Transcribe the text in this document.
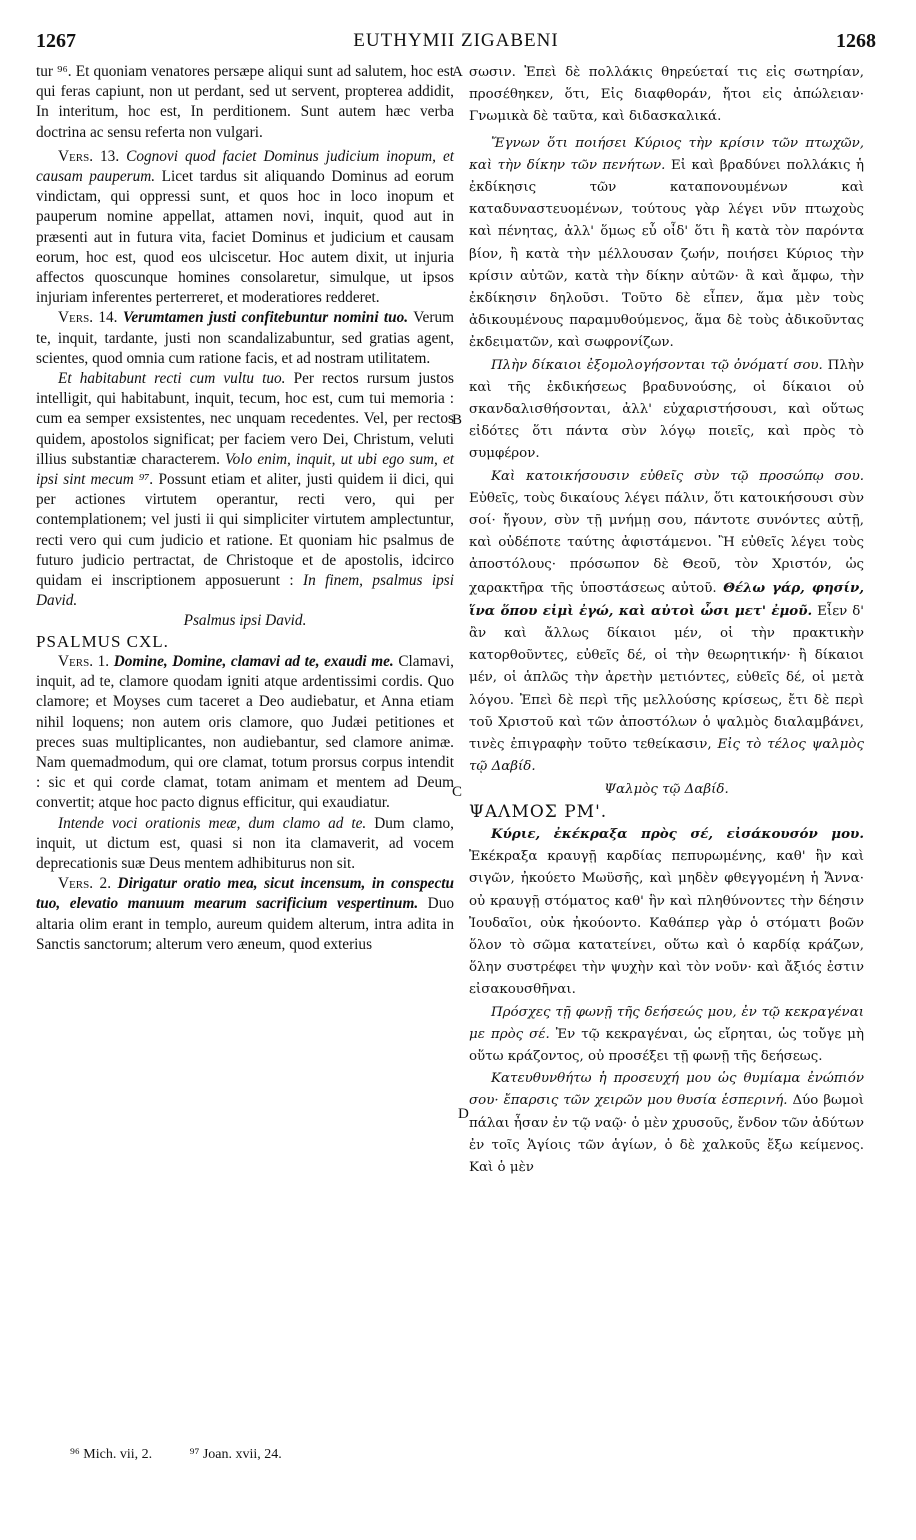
1267	EUTHYMII ZIGABENI	1268

tur ⁹⁶. Et quoniam venatores persæpe aliqui sunt ad salutem, hoc est qui feras capiunt, non ut perdant, sed ut servent, propterea addidit, In interitum, hoc est, In perditionem. Sunt autem hæc verba doctrina ac sensu referta non vulgari.

Vers. 13. Cognovi quod faciet Dominus judicium inopum, et causam pauperum. Licet tardus sit aliquando Dominus ad eorum vindictam, qui oppressi sunt, et quos hoc in loco inopum et pauperum nomine appellat, attamen novi, inquit, quod aut in præsenti aut in futura vita, faciet Dominus et judicium et causam eorum, hoc est, quod eos ulciscetur. Hoc autem dixit, ut injuria affectos quoscunque homines consolaretur, simulque, ut ipsos injuriam inferentes perterreret, et moderatiores redderet.

Vers. 14. Verumtamen justi confitebuntur nomini tuo. Verum te, inquit, tardante, justi non scandalizabuntur, sed gratias agent, scientes, quod omnia cum ratione facis, et ad nostram utilitatem.

Et habitabunt recti cum vultu tuo. Per rectos rursum justos intelligit, qui habitabunt, inquit, tecum, hoc est, cum tui memoria : cum ea semper exsistentes, nec unquam recedentes. Vel, per rectos quidem, apostolos significat; per faciem vero Dei, Christum, veluti illius substantiæ characterem. Volo enim, inquit, ut ubi ego sum, et ipsi sint mecum ⁹⁷. Possunt etiam et aliter, justi quidem ii dici, qui per actiones virtutem operantur, recti vero, qui per contemplationem; vel justi ii qui simpliciter virtutem amplectuntur, recti vero qui cum judicio et ratione. Et quoniam hic psalmus de futuro judicio pertractat, de Christoque et de apostolis, idcirco quidam ei inscriptionem apposuerunt : In finem, psalmus ipsi David.

Psalmus ipsi David.

PSALMUS CXL.

Vers. 1. Domine, Domine, clamavi ad te, exaudi me. Clamavi, inquit, ad te, clamore quodam igniti atque ardentissimi cordis. Quo clamore; et Moyses cum taceret a Deo audiebatur, et Anna etiam nihil loquens; non autem oris clamore, quo Judæi petitiones et preces suas multiplicantes, non audiebantur, sed clamore animæ. Nam quemadmodum, qui ore clamat, totum prorsus corpus intendit : sic et qui corde clamat, totam animam et mentem ad Deum convertit; atque hoc pacto dignus efficitur, qui exaudiatur.

Intende voci orationis meæ, dum clamo ad te. Dum clamo, inquit, ut dictum est, quasi si non ita clamaverit, ad vocem deprecationis suæ Deus mentem adhibiturus non sit.

Vers. 2. Dirigatur oratio mea, sicut incensum, in conspectu tuo, elevatio manuum mearum sacrificium vespertinum. Duo altaria olim erant in templo, aureum quidem alterum, intra adita in Sanctis sanctorum; alterum vero æneum, quod exterius

A
B
C
D

σωσιν. Ἐπεὶ δὲ πολλάκις θηρεύεταί τις εἰς σωτηρίαν, προσέθηκεν, ὅτι, Εἰς διαφθοράν, ἤτοι εἰς ἀπώλειαν· Γνωμικὰ δὲ ταῦτα, καὶ διδασκαλικά.

Ἔγνων ὅτι ποιήσει Κύριος τὴν κρίσιν τῶν πτωχῶν, καὶ τὴν δίκην τῶν πενήτων. Εἰ καὶ βραδύνει πολλάκις ἡ ἐκδίκησις τῶν καταπονουμένων καὶ καταδυναστευομένων, τούτους γὰρ λέγει νῦν πτωχοὺς καὶ πένητας, ἀλλ' ὅμως εὖ οἶδ' ὅτι ἢ κατὰ τὸν παρόντα βίον, ἢ κατὰ τὴν μέλλουσαν ζωήν, ποιήσει Κύριος τὴν κρίσιν αὐτῶν, κατὰ τὴν δίκην αὐτῶν· ἃ καὶ ἄμφω, τὴν ἐκδίκησιν δηλοῦσι. Τοῦτο δὲ εἶπεν, ἅμα μὲν τοὺς ἀδικουμένους παραμυθούμενος, ἅμα δὲ τοὺς ἀδικοῦντας ἐκδειματῶν, καὶ σωφρονίζων.

Πλὴν δίκαιοι ἐξομολογήσονται τῷ ὀνόματί σου. Πλὴν καὶ τῆς ἐκδικήσεως βραδυνούσης, οἱ δίκαιοι οὐ σκανδαλισθήσονται, ἀλλ' εὐχαριστήσουσι, καὶ οὕτως εἰδότες ὅτι πάντα σὺν λόγῳ ποιεῖς, καὶ πρὸς τὸ συμφέρον.

Καὶ κατοικήσουσιν εὐθεῖς σὺν τῷ προσώπῳ σου. Εὐθεῖς, τοὺς δικαίους λέγει πάλιν, ὅτι κατοικήσουσι σὺν σοί· ἤγουν, σὺν τῇ μνήμῃ σου, πάντοτε συνόντες αὐτῇ, καὶ οὐδέποτε ταύτης ἀφιστάμενοι. Ἢ εὐθεῖς λέγει τοὺς ἀποστόλους· πρόσωπον δὲ Θεοῦ, τὸν Χριστόν, ὡς χαρακτῆρα τῆς ὑποστάσεως αὐτοῦ. Θέλω γάρ, φησίν, ἵνα ὅπου εἰμὶ ἐγώ, καὶ αὐτοὶ ὦσι μετ' ἐμοῦ. Εἶεν δ' ἂν καὶ ἄλλως δίκαιοι μέν, οἱ τὴν πρακτικὴν κατορθοῦντες, εὐθεῖς δέ, οἱ τὴν θεωρητικήν· ἢ δίκαιοι μέν, οἱ ἁπλῶς τὴν ἀρετὴν μετιόντες, εὐθεῖς δέ, οἱ μετὰ λόγου. Ἐπεὶ δὲ περὶ τῆς μελλούσης κρίσεως, ἔτι δὲ περὶ τοῦ Χριστοῦ καὶ τῶν ἀποστόλων ὁ ψαλμὸς διαλαμβάνει, τινὲς ἐπιγραφὴν τοῦτο τεθείκασιν, Εἰς τὸ τέλος ψαλμὸς τῷ Δαβίδ.

Ψαλμὸς τῷ Δαβίδ.

ΨΑΛΜΟΣ ΡΜ'.

Κύριε, ἐκέκραξα πρὸς σέ, εἰσάκουσόν μου. Ἐκέκραξα κραυγῇ καρδίας πεπυρωμένης, καθ' ἣν καὶ σιγῶν, ἠκούετο Μωϋσῆς, καὶ μηδὲν φθεγγομένη ἡ Ἄννα· οὐ κραυγῇ στόματος καθ' ἣν καὶ πληθύνοντες τὴν δέησιν Ἰουδαῖοι, οὐκ ἠκούοντο. Καθάπερ γὰρ ὁ στόματι βοῶν ὅλον τὸ σῶμα κατατείνει, οὕτω καὶ ὁ καρδίᾳ κράζων, ὅλην συστρέφει τὴν ψυχὴν καὶ τὸν νοῦν· καὶ ἄξιός ἐστιν εἰσακουσθῆναι.

Πρόσχες τῇ φωνῇ τῆς δεήσεώς μου, ἐν τῷ κεκραγέναι με πρὸς σέ. Ἐν τῷ κεκραγέναι, ὡς εἴρηται, ὡς τοὔγε μὴ οὕτω κράζοντος, οὐ προσέξει τῇ φωνῇ τῆς δεήσεως.

Κατευθυνθήτω ἡ προσευχή μου ὡς θυμίαμα ἐνώπιόν σου· ἔπαρσις τῶν χειρῶν μου θυσία ἑσπερινή. Δύο βωμοὶ πάλαι ἦσαν ἐν τῷ ναῷ· ὁ μὲν χρυσοῦς, ἔνδον τῶν ἀδύτων ἐν τοῖς Ἁγίοις τῶν ἁγίων, ὁ δὲ χαλκοῦς ἔξω κείμενος. Καὶ ὁ μὲν

⁹⁶ Mich. vii, 2.	⁹⁷ Joan. xvii, 24.
